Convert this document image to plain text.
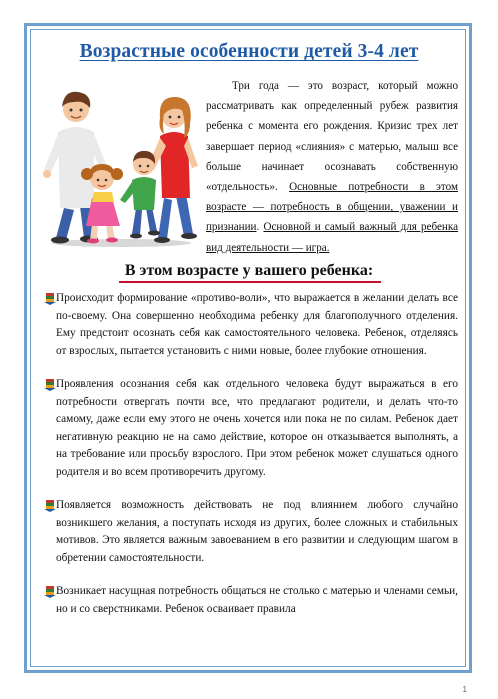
Возрастные особенности детей 3-4 лет
Три года — это возраст, который можно рассматривать как определенный рубеж развития ребенка с момента его рождения. Кризис трех лет завершает период «слияния» с матерью, малыш все больше начинает осознавать собственную «отдельность». Основные потребности в этом возрасте — потребность в общении, уважении и признании. Основной и самый важный для ребенка вид деятельности — игра.
В этом возрасте у вашего ребенка:
Происходит формирование «противо-воли», что выражается в желании делать все по-своему. Она совершенно необходима ребенку для благополучного отделения. Ему предстоит осознать себя как самостоятельного человека. Ребенок, отделяясь от взрослых, пытается установить с ними новые, более глубокие отношения.
Проявления осознания себя как отдельного человека будут выражаться в его потребности отвергать почти все, что предлагают родители, и делать что-то самому, даже если ему этого не очень хочется или пока не по силам. Ребенок дает негативную реакцию не на само действие, которое он отказывается выполнять, а на требование или просьбу взрослого. При этом ребенок может слушаться одного родителя и во всем противоречить другому.
Появляется возможность действовать не под влиянием любого случайно возникшего желания, а поступать исходя из других, более сложных и стабильных мотивов. Это является важным завоеванием в его развитии и следующим шагом в обретении самостоятельности.
Возникает насущная потребность общаться не столько с матерью и членами семьи, но и со сверстниками. Ребенок осваивает правила
1
